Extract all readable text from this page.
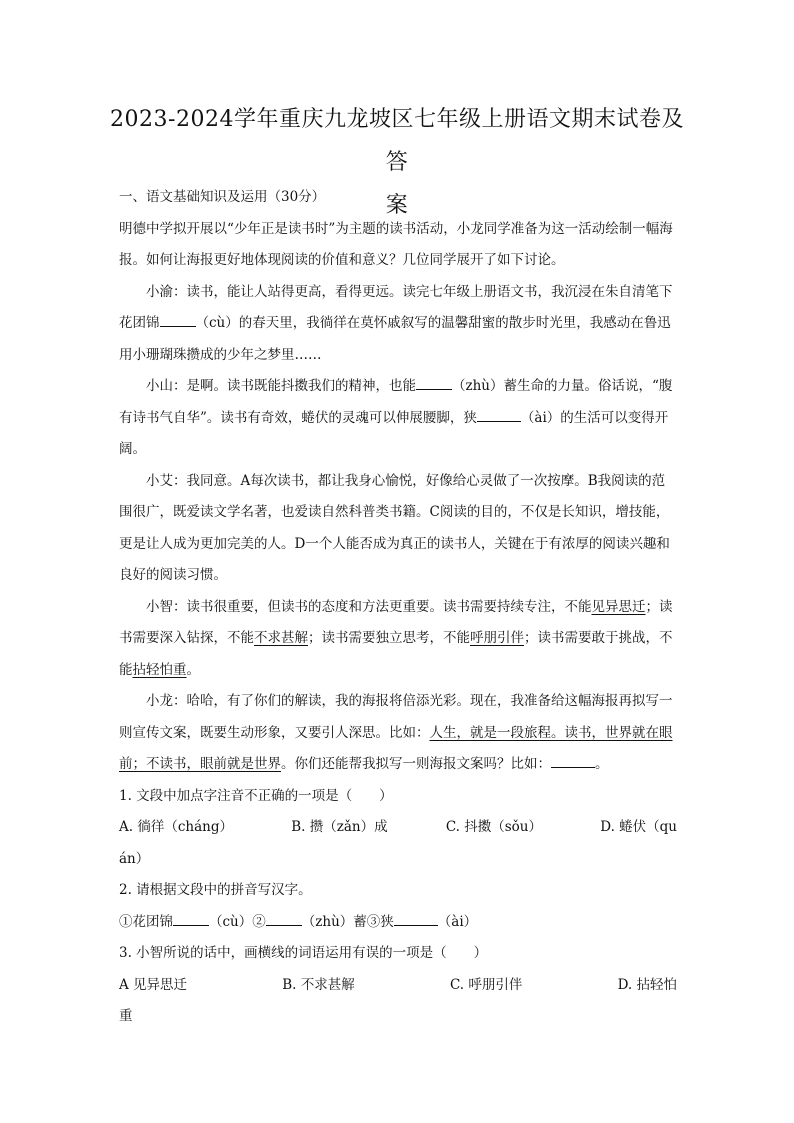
2023-2024学年重庆九龙坡区七年级上册语文期末试卷及答
案

一、语文基础知识及运用（30分）

明德中学拟开展以“少年正是读书时”为主题的读书活动，小龙同学准备为这一活动绘制一幅海报。如何让海报更好地体现阅读的价值和意义？几位同学展开了如下讨论。

小渝：读书，能让人站得更高，看得更远。读完七年级上册语文书，我沉浸在朱自清笔下花团锦	（cù）的春天里，我徜徉在莫怀戚叙写的温馨甜蜜的散步时光里，我感动在鲁迅用小珊瑚珠攒成的少年之梦里……

小山：是啊。读书既能抖擞我们的精神，也能	（zhù）蓄生命的力量。俗话说，“腹有诗书气自华”。读书有奇效，蜷伏的灵魂可以伸展腰脚，狭	（ài）的生活可以变得开阔。

小艾：我同意。A每次读书，都让我身心愉悦，好像给心灵做了一次按摩。B我阅读的范围很广，既爱读文学名著，也爱读自然科普类书籍。C阅读的目的，不仅是长知识，增技能，更是让人成为更加完美的人。D一个人能否成为真正的读书人，关键在于有浓厚的阅读兴趣和良好的阅读习惯。

小智：读书很重要，但读书的态度和方法更重要。读书需要持续专注，不能见异思迁；读书需要深入钻探，不能不求甚解；读书需要独立思考，不能呼朋引伴；读书需要敢于挑战，不能拈轻怕重。

小龙：哈哈，有了你们的解读，我的海报将倍添光彩。现在，我准备给这幅海报再拟写一则宣传文案，既要生动形象，又要引人深思。比如：人生，就是一段旅程。读书，世界就在眼前；不读书，眼前就是世界。你们还能帮我拟写一则海报文案吗？比如：	。

1. 文段中加点字注音不正确的一项是（　　）

A. 徜徉（cháng）	B. 攒（zǎn）成	C. 抖擞（sǒu）	D. 蜷伏（qu

án）

2. 请根据文段中的拼音写汉字。

①花团锦	（cù）②	（zhù）蓄③狭	（ài）

3. 小智所说的话中，画横线的词语运用有误的一项是（　　）

A 见异思迁	B. 不求甚解	C. 呼朋引伴	D. 拈轻怕

重
